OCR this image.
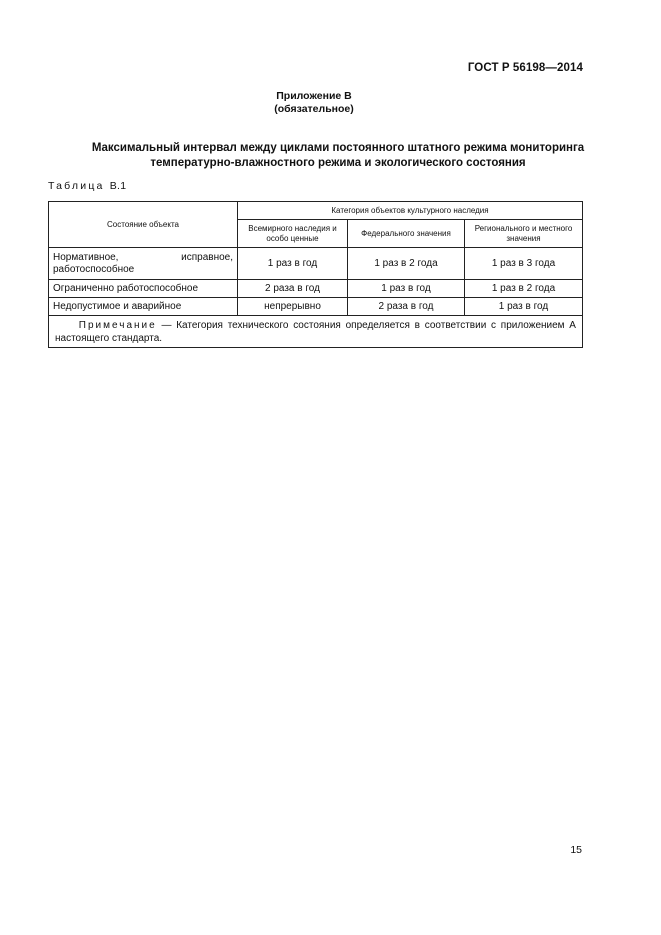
ГОСТ Р 56198—2014
Приложение В
(обязательное)
Максимальный интервал между циклами постоянного штатного режима мониторинга
температурно-влажностного режима и экологического состояния
Таблица В.1
Состояние объекта	Категория объектов культурного наследия		
	Всемирного наследия и особо ценные	Федерального значения	Регионального и местного значения
Нормативное, исправное, работоспособное	1 раз в год	1 раз в 2 года	1 раз в 3 года
Ограниченно работоспособное	2 раза в год	1 раз в год	1 раз в 2 года
Недопустимое и аварийное	непрерывно	2 раза в год	1 раз в год
Примечание — Категория технического состояния определяется в соответствии с приложением А настоящего стандарта.			
15
